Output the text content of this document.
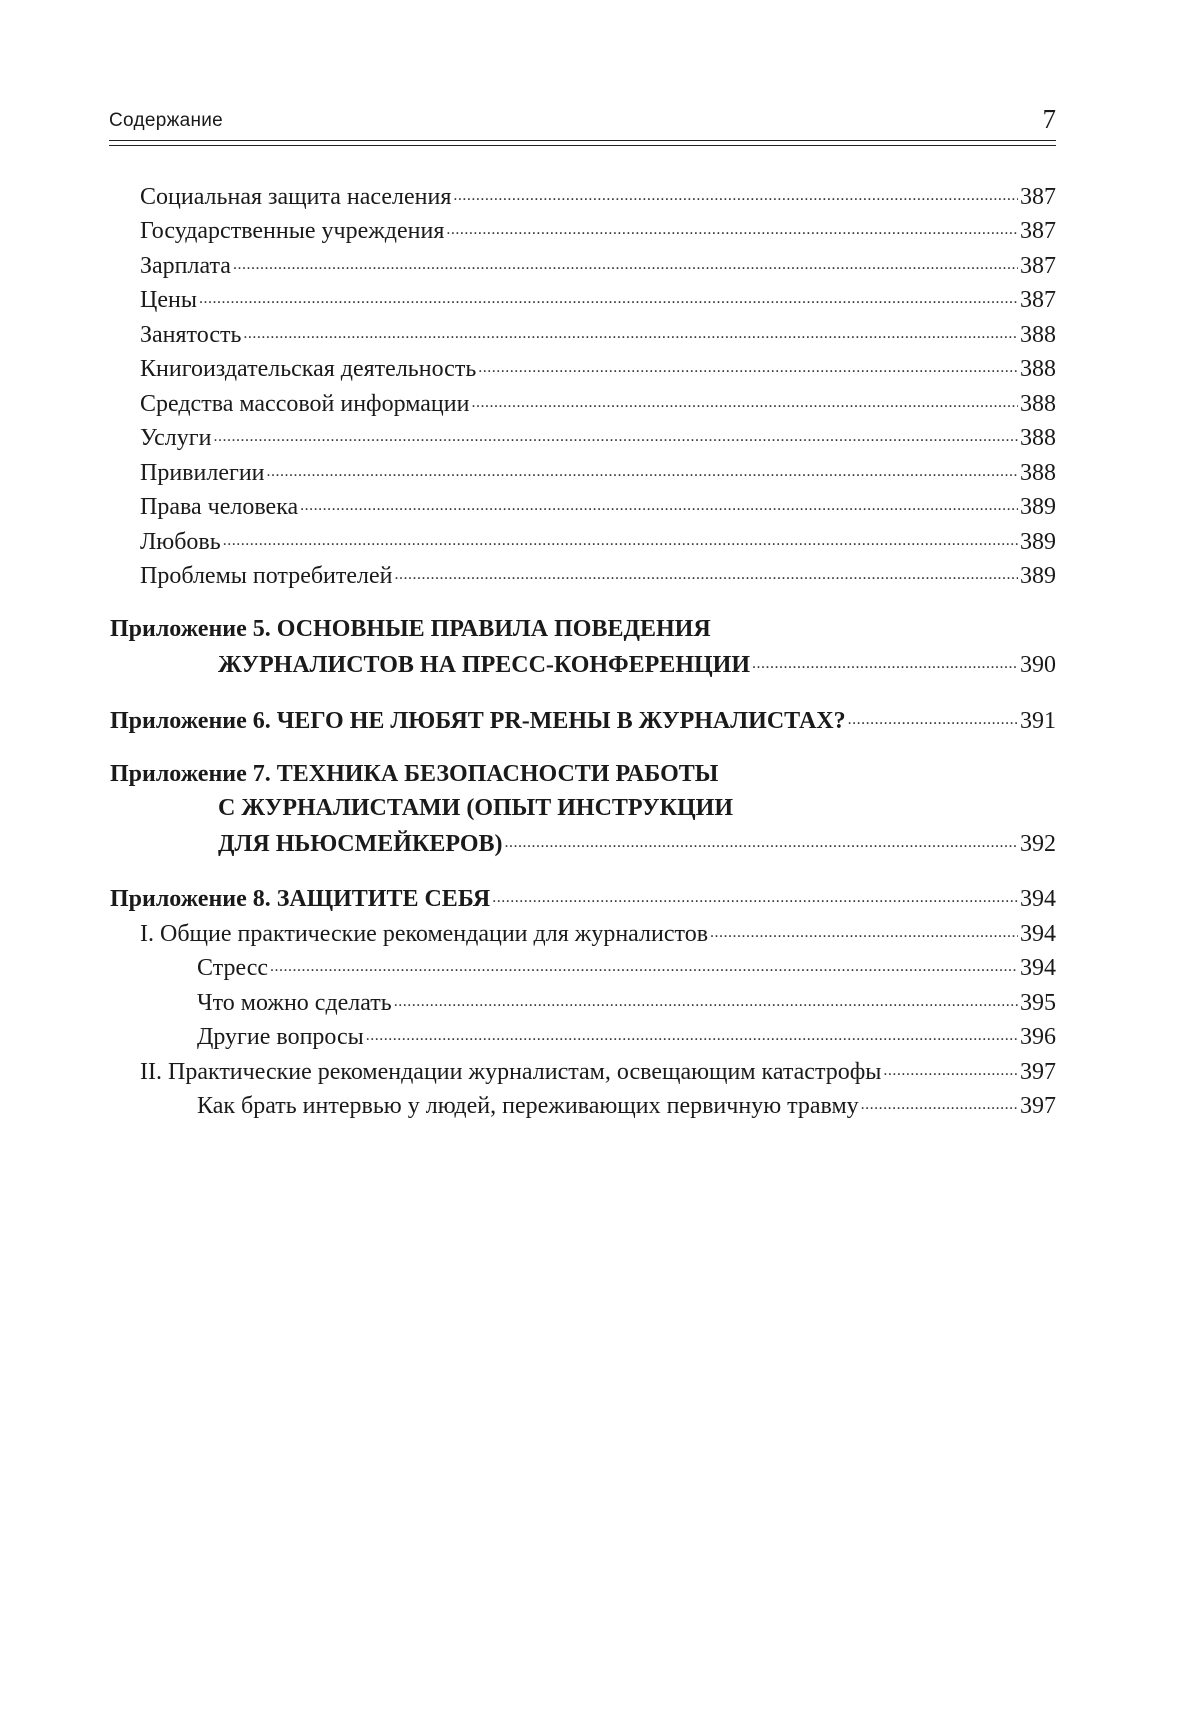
Содержание	7
Социальная защита населения .....	387
Государственные учреждения .....	387
Зарплата .....	387
Цены .....	387
Занятость .....	388
Книгоиздательская деятельность .....	388
Средства массовой информации .....	388
Услуги .....	388
Привилегии .....	388
Права человека .....	389
Любовь .....	389
Проблемы потребителей .....	389
Приложение 5. ОСНОВНЫЕ ПРАВИЛА ПОВЕДЕНИЯ
ЖУРНАЛИСТОВ НА ПРЕСС-КОНФЕРЕНЦИИ .....	390
Приложение 6. ЧЕГО НЕ ЛЮБЯТ PR-МЕНЫ В ЖУРНАЛИСТАХ? .....	391
Приложение 7. ТЕХНИКА БЕЗОПАСНОСТИ РАБОТЫ
С ЖУРНАЛИСТАМИ (ОПЫТ ИНСТРУКЦИИ
ДЛЯ НЬЮСМЕЙКЕРОВ) .....	392
Приложение 8. ЗАЩИТИТЕ СЕБЯ .....	394
I. Общие практические рекомендации для журналистов .....	394
Стресс .....	394
Что можно сделать .....	395
Другие вопросы .....	396
II. Практические рекомендации журналистам, освещающим катастрофы .....	397
Как брать интервью у людей, переживающих первичную травму .....	397
